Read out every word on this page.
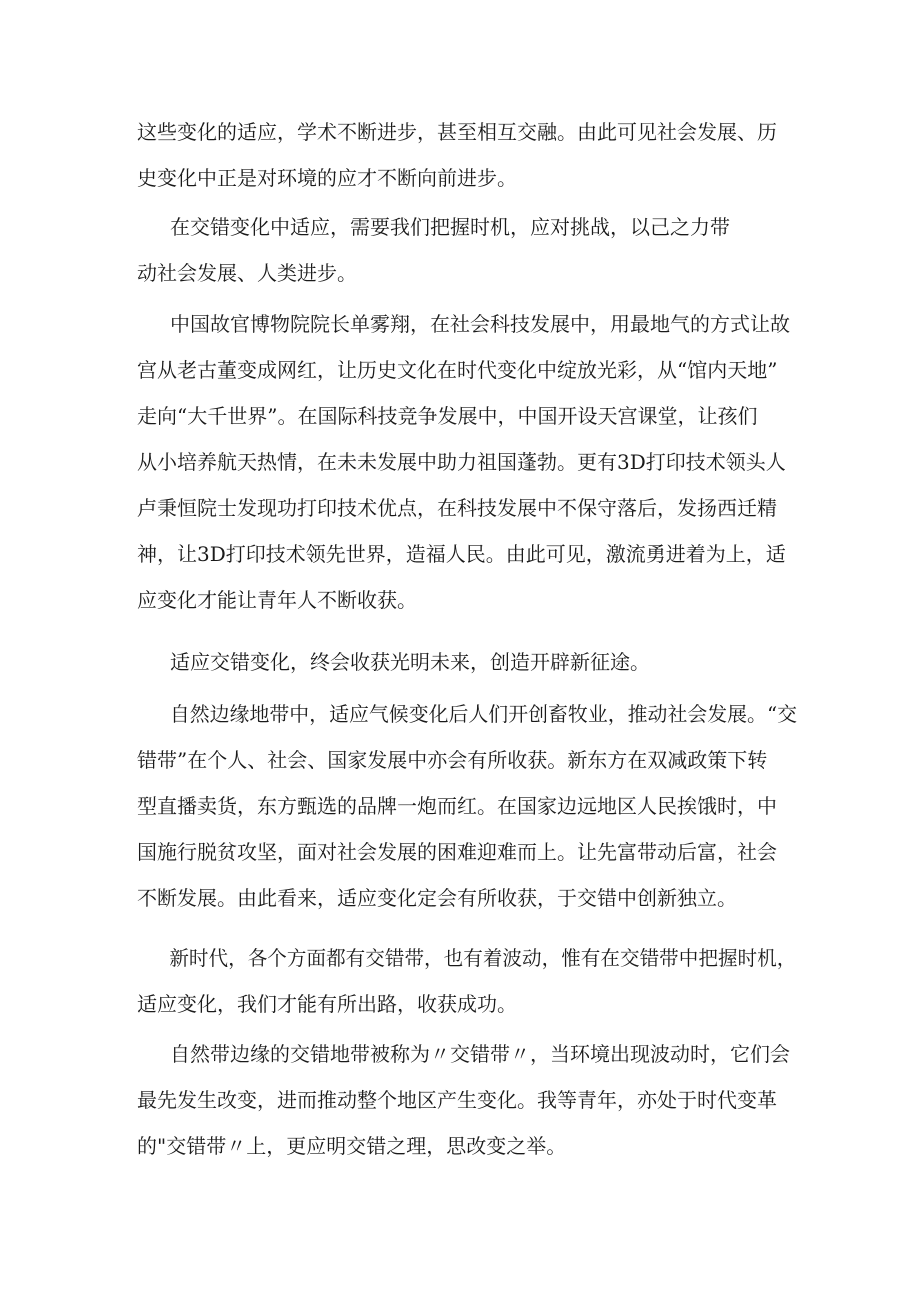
这些变化的适应，学术不断进步，甚至相互交融。由此可见社会发展、历
史变化中正是对环境的应才不断向前进步。
在交错变化中适应，需要我们把握时机，应对挑战，以己之力带
动社会发展、人类进步。
中国故官博物院院长单雾翔，在社会科技发展中，用最地气的方式让故
宫从老古董变成网红，让历史文化在时代变化中绽放光彩，从“馆内天地”
走向“大千世界”。在国际科技竞争发展中，中国开设天宫课堂，让孩们
从小培养航天热情，在未未发展中助力祖国蓬勃。更有3D打印技术领头人
卢秉恒院士发现功打印技术优点，在科技发展中不保守落后，发扬西迁精
神，让3D打印技术领先世界，造福人民。由此可见，激流勇进着为上，适
应变化才能让青年人不断收获。
适应交错变化，终会收获光明未来，创造开辟新征途。
自然边缘地带中，适应气候变化后人们开创畜牧业，推动社会发展。“交
错带”在个人、社会、国家发展中亦会有所收获。新东方在双减政策下转
型直播卖货，东方甄选的品牌一炮而红。在国家边远地区人民挨饿时，中
国施行脱贫攻坚，面对社会发展的困难迎难而上。让先富带动后富，社会
不断发展。由此看来，适应变化定会有所收获，于交错中创新独立。
新时代，各个方面都有交错带，也有着波动，惟有在交错带中把握时机，
适应变化，我们才能有所出路，收获成功。
自然带边缘的交错地带被称为〃交错带〃，当环境出现波动时，它们会
最先发生改变，进而推动整个地区产生变化。我等青年，亦处于时代变革
的"交错带〃上，更应明交错之理，思改变之举。
